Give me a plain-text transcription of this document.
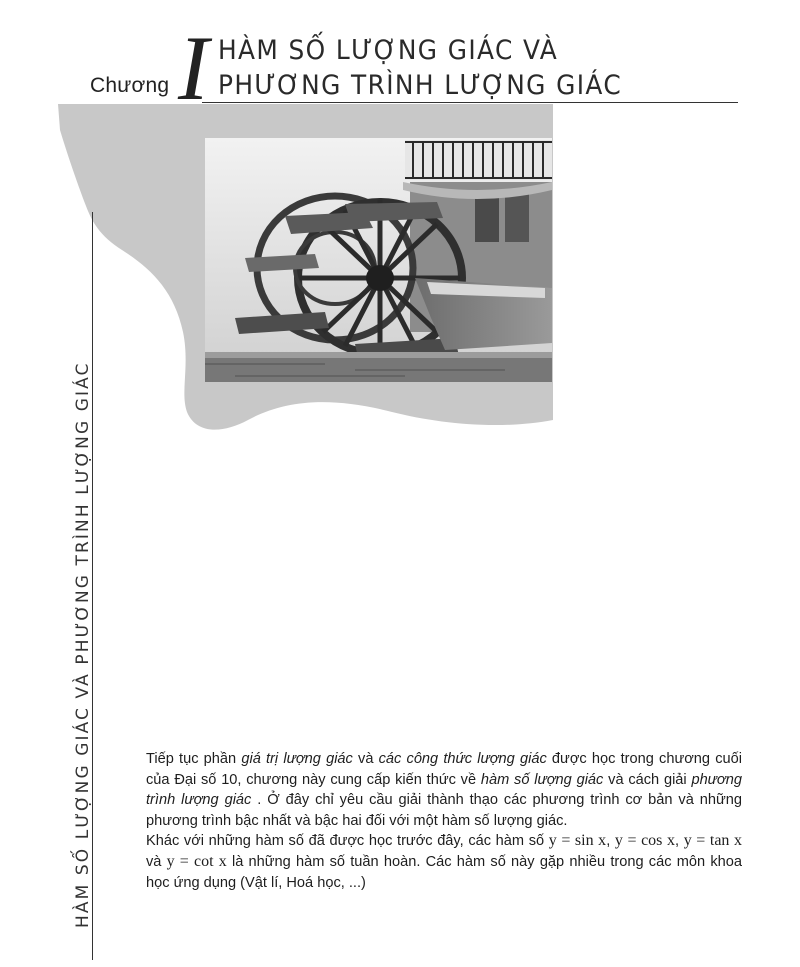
Chương I HÀM SỐ LƯỢNG GIÁC VÀ
PHƯƠNG TRÌNH LƯỢNG GIÁC
HÀM SỐ LƯỢNG GIÁC VÀ PHƯƠNG TRÌNH LƯỢNG GIÁC	Tiếp tục phần giá trị lượng giác và các công thức lượng giác được học trong chương cuối của Đại số 10, chương này cung cấp kiến thức về hàm số lượng giác và cách giải phương trình lượng giác . Ở đây chỉ yêu cầu giải thành thạo các phương trình cơ bản và những phương trình bậc nhất và bậc hai đối với một hàm số lượng giác.

Khác với những hàm số đã được học trước đây, các hàm số y = sin x, y = cos x, y = tan x và y = cot x là những hàm số tuần hoàn. Các hàm số này gặp nhiều trong các môn khoa học ứng dụng (Vật lí, Hoá học, ...)
